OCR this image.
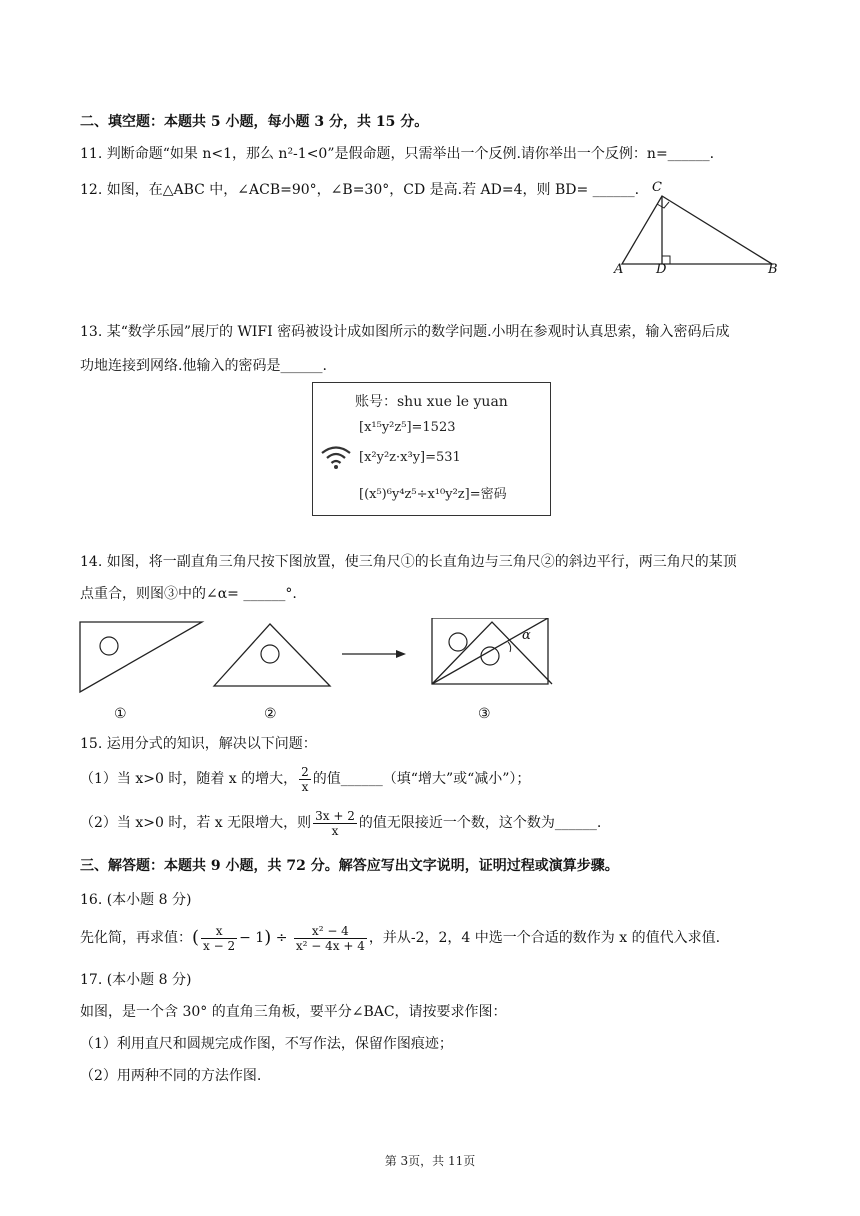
二、填空题：本题共 5 小题，每小题 3 分，共 15 分。
11. 判断命题“如果 n<1，那么 n²-1<0”是假命题，只需举出一个反例.请你举出一个反例：n=______.
12. 如图，在△ABC 中，∠ACB=90°，∠B=30°，CD 是高.若 AD=4，则 BD= ______. C
A	D	B
13. 某“数学乐园”展厅的 WIFI 密码被设计成如图所示的数学问题.小明在参观时认真思索，输入密码后成
功地连接到网络.他输入的密码是______.
账号：shu xue le yuan
[x¹⁵y²z⁵]=1523
[x²y²z·x³y]=531
[(x⁵)⁶y⁴z⁵÷x¹⁰y²z]=密码
14. 如图，将一副直角三角尺按下图放置，使三角尺①的长直角边与三角尺②的斜边平行，两三角尺的某顶
点重合，则图③中的∠α= ______°.
α
①	②	③
15. 运用分式的知识，解决以下问题：
（1）当 x>0 时，随着 x 的增大， $\frac{2}{x}$ 的值______（填“增大”或“减小”）；
（2）当 x>0 时，若 x 无限增大，则 $\frac{3x + 2}{x}$ 的值无限接近一个数，这个数为______.
三、解答题：本题共 9 小题，共 72 分。解答应写出文字说明，证明过程或演算步骤。
16. (本小题 8 分)
先化简，再求值：( $\frac{x}{x - 2} - 1) \div \frac{\text{x² − 4}}{\text{x² − 4x + 4}}$ ，并从-2，2，4 中选一个合适的数作为 x 的值代入求值.
17. (本小题 8 分)
如图，是一个含 30° 的直角三角板，要平分∠BAC，请按要求作图：
（1）利用直尺和圆规完成作图，不写作法，保留作图痕迹；
（2）用两种不同的方法作图.
第 3页，共 11页
